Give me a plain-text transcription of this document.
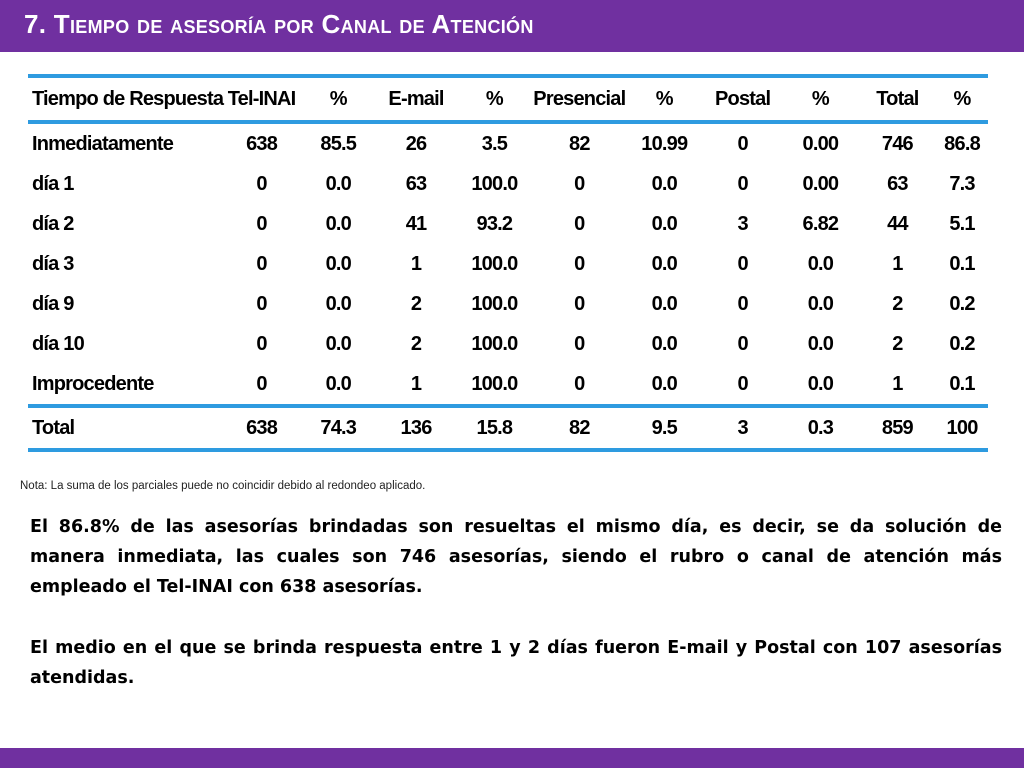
7. Tiempo de asesoría por Canal de Atención
Tiempo de Respuesta	Tel-INAI	%	E-mail	%	Presencial	%	Postal	%	Total	%
Inmediatamente	638	85.5	26	3.5	82	10.99	0	0.00	746	86.8
día 1	0	0.0	63	100.0	0	0.0	0	0.00	63	7.3
día 2	0	0.0	41	93.2	0	0.0	3	6.82	44	5.1
día 3	0	0.0	1	100.0	0	0.0	0	0.0	1	0.1
día 9	0	0.0	2	100.0	0	0.0	0	0.0	2	0.2
día 10	0	0.0	2	100.0	0	0.0	0	0.0	2	0.2
Improcedente	0	0.0	1	100.0	0	0.0	0	0.0	1	0.1
Total	638	74.3	136	15.8	82	9.5	3	0.3	859	100
Nota: La suma de los parciales puede no coincidir debido al redondeo aplicado.

El 86.8% de las asesorías brindadas son resueltas el mismo día, es decir, se da solución de manera inmediata, las cuales son 746 asesorías, siendo el rubro o canal de atención más empleado el Tel-INAI con 638 asesorías.

El medio en el que se brinda respuesta entre 1 y 2 días fueron E-mail y Postal con 107 asesorías atendidas.
